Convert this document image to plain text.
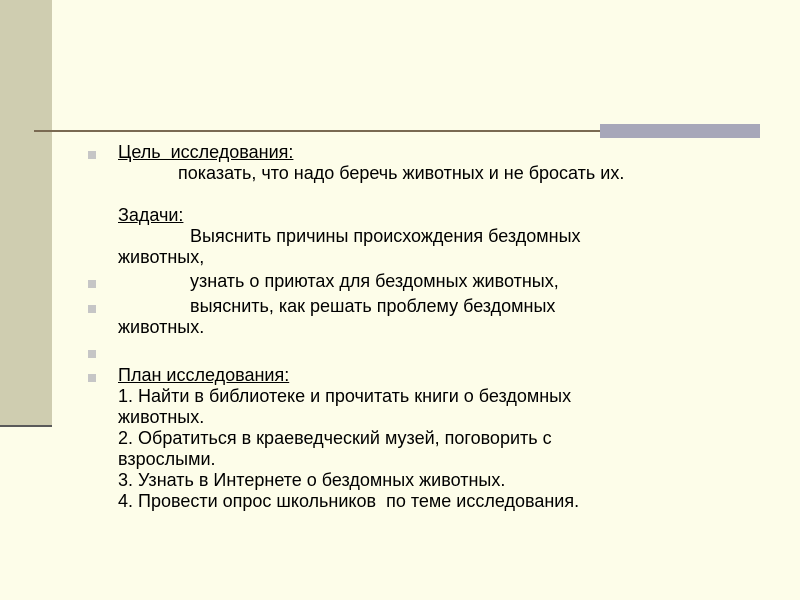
Цель  исследования:
показать, что надо беречь животных и не бросать их.
Задачи:
Выяснить причины происхождения бездомных
животных,
узнать о приютах для бездомных животных,
выяснить, как решать проблему бездомных
животных.
План исследования:
1. Найти в библиотеке и прочитать книги о бездомных
животных.
2. Обратиться в краеведческий музей, поговорить с
взрослыми.
3. Узнать в Интернете о бездомных животных.
4. Провести опрос школьников  по теме исследования.
